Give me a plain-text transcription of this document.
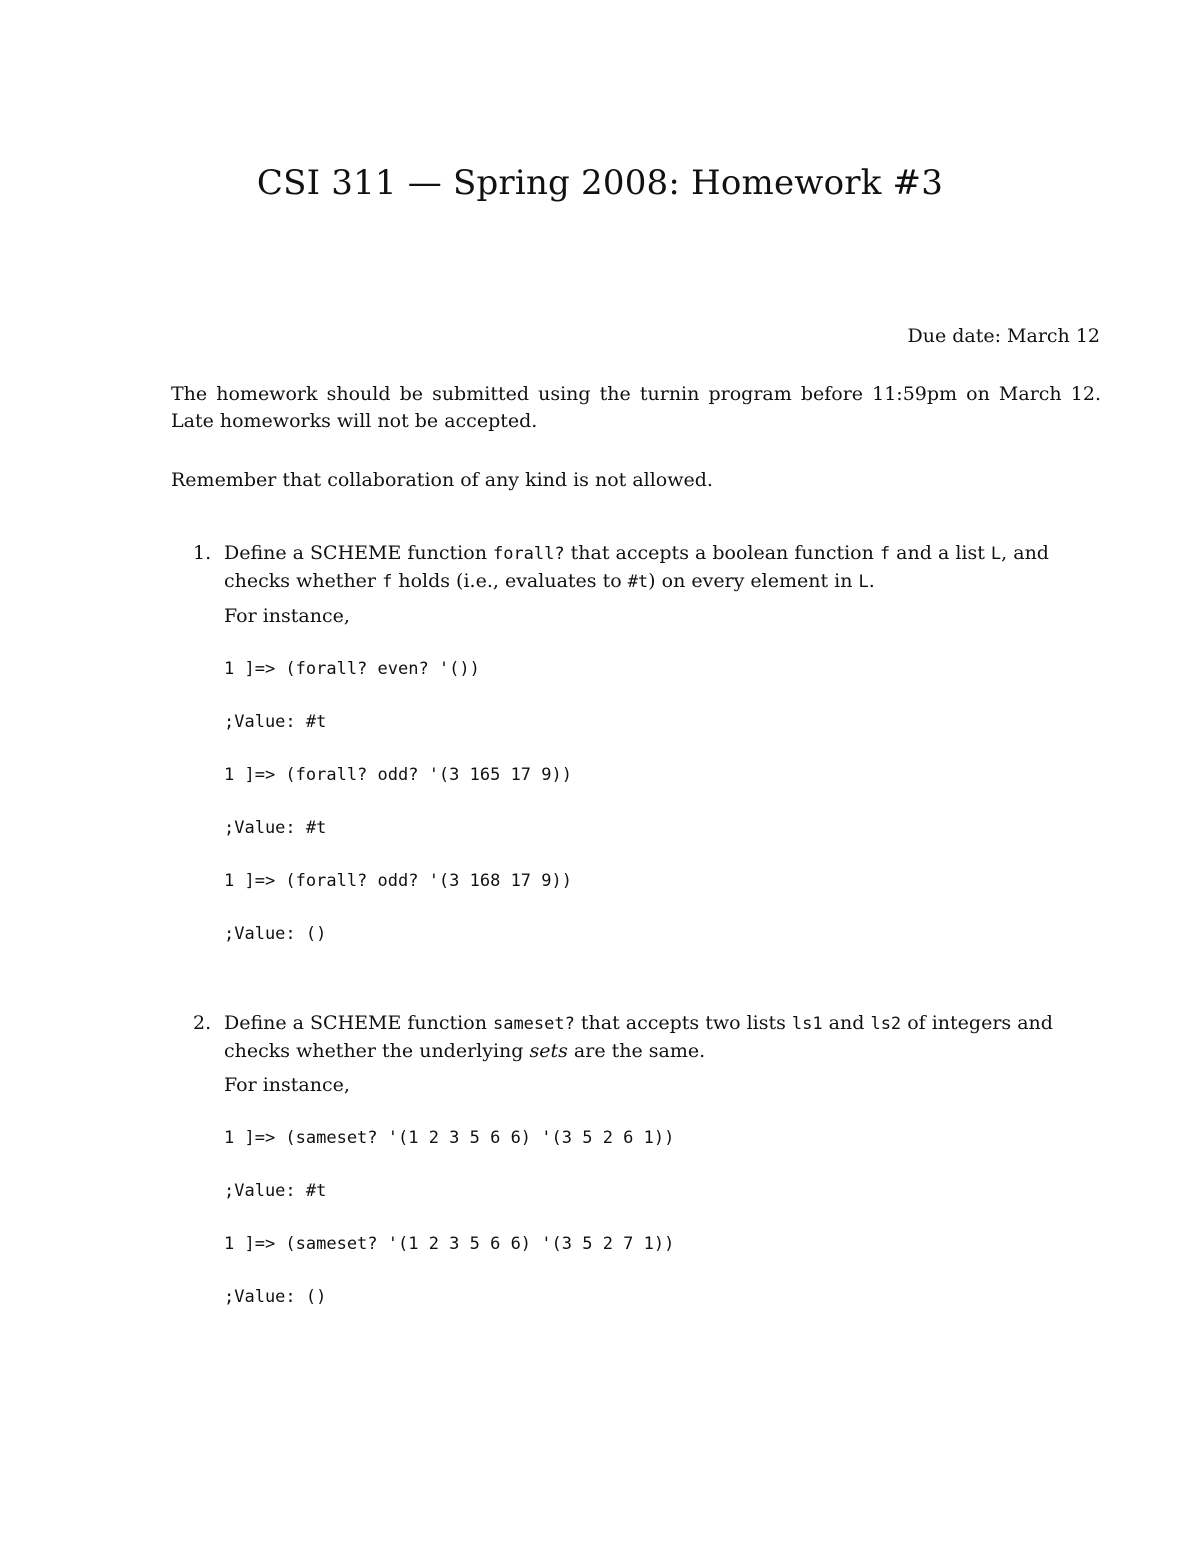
CSI 311 — Spring 2008: Homework #3
Due date: March 12
The homework should be submitted using the turnin program before 11:59pm on March 12. Late homeworks will not be accepted.
Remember that collaboration of any kind is not allowed.
1. Define a SCHEME function forall? that accepts a boolean function f and a list L, and checks whether f holds (i.e., evaluates to #t) on every element in L.
For instance,
1 ]=> (forall? even? '())
;Value: #t
1 ]=> (forall? odd? '(3 165 17 9))
;Value: #t
1 ]=> (forall? odd? '(3 168 17 9))
;Value: ()
2. Define a SCHEME function sameset? that accepts two lists ls1 and ls2 of integers and checks whether the underlying sets are the same.
For instance,
1 ]=> (sameset? '(1 2 3 5 6 6) '(3 5 2 6 1))
;Value: #t
1 ]=> (sameset? '(1 2 3 5 6 6) '(3 5 2 7 1))
;Value: ()
